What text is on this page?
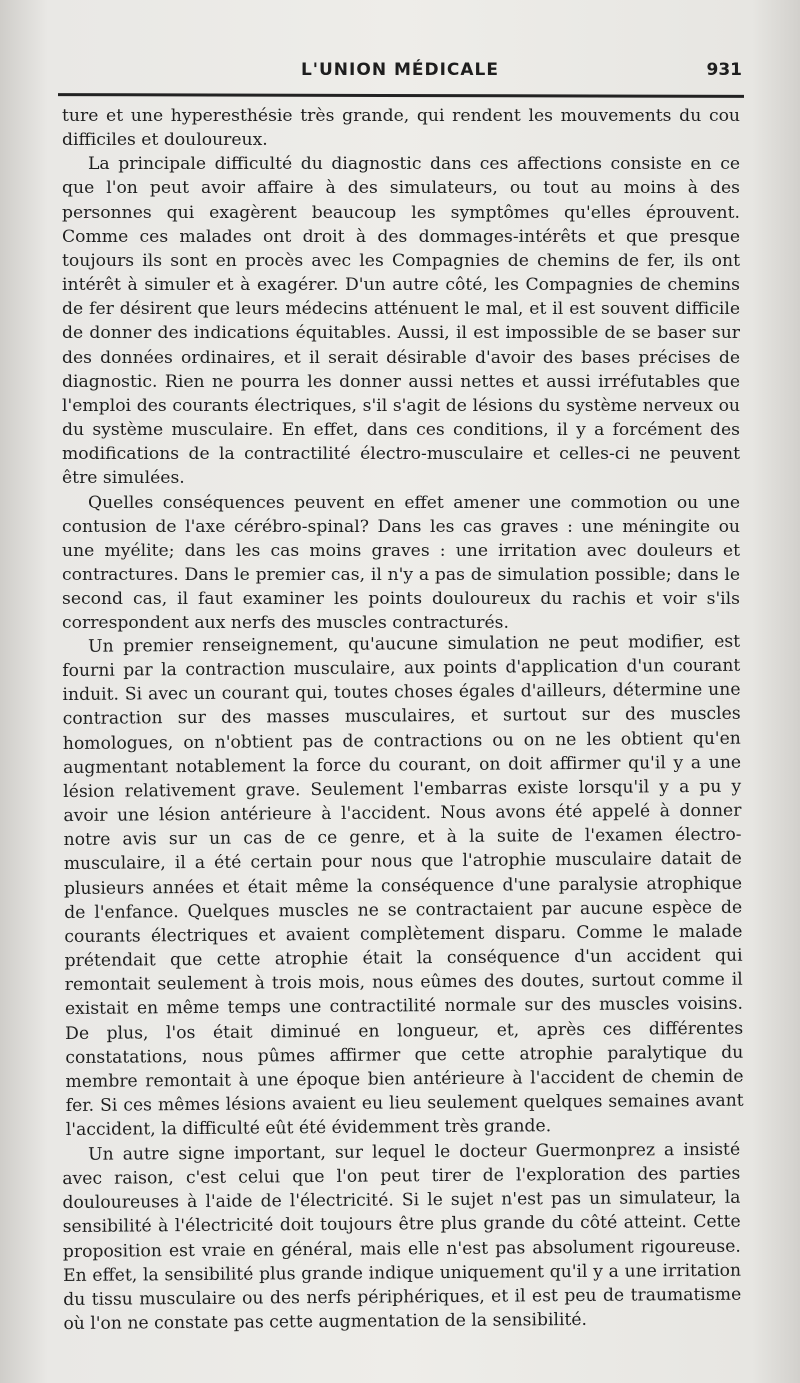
L'UNION MÉDICALE	931

ture et une hyperesthésie très grande, qui rendent les mouvements du cou difficiles et douloureux.

La principale difficulté du diagnostic dans ces affections consiste en ce que l'on peut avoir affaire à des simulateurs, ou tout au moins à des personnes qui exagèrent beaucoup les symptômes qu'elles éprouvent. Comme ces malades ont droit à des dommages-intérêts et que presque toujours ils sont en procès avec les Compagnies de chemins de fer, ils ont intérêt à simuler et à exagérer. D'un autre côté, les Compagnies de chemins de fer désirent que leurs médecins atténuent le mal, et il est souvent difficile de donner des indications équitables. Aussi, il est impossible de se baser sur des données ordinaires, et il serait désirable d'avoir des bases précises de diagnostic. Rien ne pourra les donner aussi nettes et aussi irréfutables que l'emploi des courants électriques, s'il s'agit de lésions du système nerveux ou du système musculaire. En effet, dans ces conditions, il y a forcément des modifications de la contractilité électro-musculaire et celles-ci ne peuvent être simulées.

Quelles conséquences peuvent en effet amener une commotion ou une contusion de l'axe cérébro-spinal? Dans les cas graves : une méningite ou une myélite; dans les cas moins graves : une irritation avec douleurs et contractures. Dans le premier cas, il n'y a pas de simulation possible; dans le second cas, il faut examiner les points douloureux du rachis et voir s'ils correspondent aux nerfs des muscles contracturés.

Un premier renseignement, qu'aucune simulation ne peut modifier, est fourni par la contraction musculaire, aux points d'application d'un courant induit. Si avec un courant qui, toutes choses égales d'ailleurs, détermine une contraction sur des masses musculaires, et surtout sur des muscles homologues, on n'obtient pas de contractions ou on ne les obtient qu'en augmentant notablement la force du courant, on doit affirmer qu'il y a une lésion relativement grave. Seulement l'embarras existe lorsqu'il y a pu y avoir une lésion antérieure à l'accident. Nous avons été appelé à donner notre avis sur un cas de ce genre, et à la suite de l'examen électro-musculaire, il a été certain pour nous que l'atrophie musculaire datait de plusieurs années et était même la conséquence d'une paralysie atrophique de l'enfance. Quelques muscles ne se contractaient par aucune espèce de courants électriques et avaient complètement disparu. Comme le malade prétendait que cette atrophie était la conséquence d'un accident qui remontait seulement à trois mois, nous eûmes des doutes, surtout comme il existait en même temps une contractilité normale sur des muscles voisins. De plus, l'os était diminué en longueur, et, après ces différentes constatations, nous pûmes affirmer que cette atrophie paralytique du membre remontait à une époque bien antérieure à l'accident de chemin de fer. Si ces mêmes lésions avaient eu lieu seulement quelques semaines avant l'accident, la difficulté eût été évidemment très grande.

Un autre signe important, sur lequel le docteur Guermonprez a insisté avec raison, c'est celui que l'on peut tirer de l'exploration des parties douloureuses à l'aide de l'électricité. Si le sujet n'est pas un simulateur, la sensibilité à l'électricité doit toujours être plus grande du côté atteint. Cette proposition est vraie en général, mais elle n'est pas absolument rigoureuse. En effet, la sensibilité plus grande indique uniquement qu'il y a une irritation du tissu musculaire ou des nerfs périphériques, et il est peu de traumatisme où l'on ne constate pas cette augmentation de la sensibilité.
